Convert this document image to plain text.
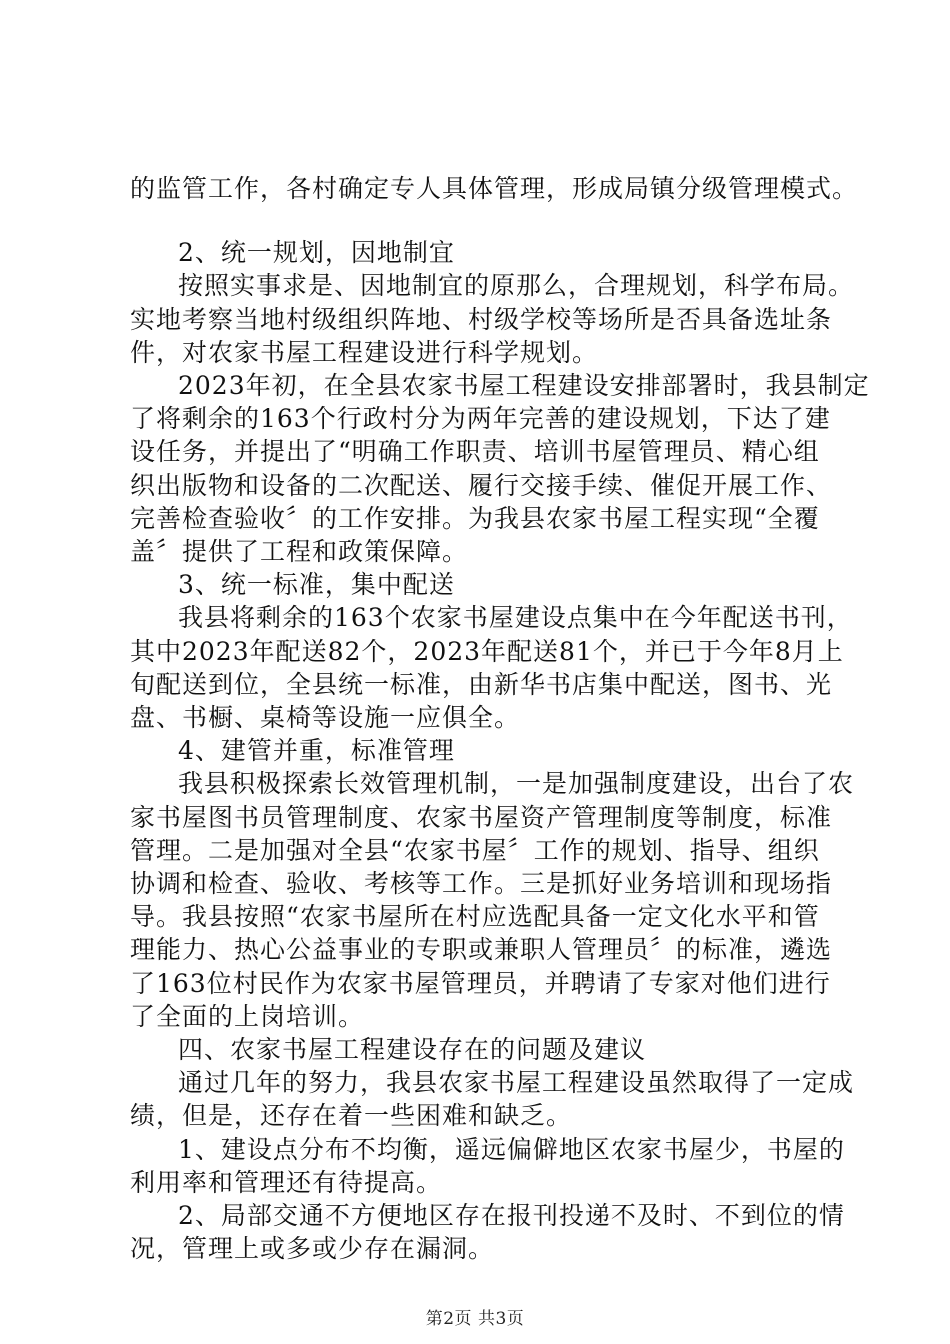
的监管工作，各村确定专人具体管理，形成局镇分级管理模式。
2、统一规划，因地制宜
按照实事求是、因地制宜的原那么，合理规划，科学布局。
实地考察当地村级组织阵地、村级学校等场所是否具备选址条
件，对农家书屋工程建设进行科学规划。
2023年初，在全县农家书屋工程建设安排部署时，我县制定
了将剩余的163个行政村分为两年完善的建设规划，下达了建
设任务，并提出了“明确工作职责、培训书屋管理员、精心组
织出版物和设备的二次配送、履行交接手续、催促开展工作、
完善检查验收〞的工作安排。为我县农家书屋工程实现“全覆
盖〞提供了工程和政策保障。
3、统一标准，集中配送
我县将剩余的163个农家书屋建设点集中在今年配送书刊，
其中2023年配送82个，2023年配送81个，并已于今年8月上
旬配送到位，全县统一标准，由新华书店集中配送，图书、光
盘、书橱、桌椅等设施一应俱全。
4、建管并重，标准管理
我县积极探索长效管理机制，一是加强制度建设，出台了农
家书屋图书员管理制度、农家书屋资产管理制度等制度，标准
管理。二是加强对全县“农家书屋〞工作的规划、指导、组织
协调和检查、验收、考核等工作。三是抓好业务培训和现场指
导。我县按照“农家书屋所在村应选配具备一定文化水平和管
理能力、热心公益事业的专职或兼职人管理员〞的标准，遴选
了163位村民作为农家书屋管理员，并聘请了专家对他们进行
了全面的上岗培训。
四、农家书屋工程建设存在的问题及建议
通过几年的努力，我县农家书屋工程建设虽然取得了一定成
绩，但是，还存在着一些困难和缺乏。
1、建设点分布不均衡，遥远偏僻地区农家书屋少，书屋的
利用率和管理还有待提高。
2、局部交通不方便地区存在报刊投递不及时、不到位的情
况，管理上或多或少存在漏洞。
第2页 共3页
